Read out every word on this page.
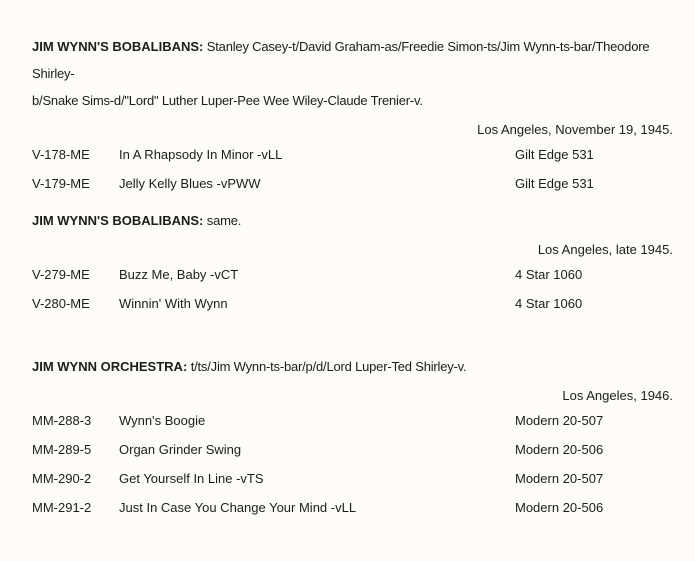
JIM WYNN'S BOBALIBANS: Stanley Casey-t/David Graham-as/Freedie Simon-ts/Jim Wynn-ts-bar/Theodore Shirley-
b/Snake Sims-d/"Lord" Luther Luper-Pee Wee Wiley-Claude Trenier-v.
Los Angeles, November 19, 1945.
V-178-ME In A Rhapsody In Minor -vLL	Gilt Edge 531
V-179-ME Jelly Kelly Blues -vPWW	Gilt Edge 531
JIM WYNN'S BOBALIBANS: same.
Los Angeles, late 1945.
V-279-ME Buzz Me, Baby -vCT	4 Star 1060
V-280-ME Winnin' With Wynn	4 Star 1060
JIM WYNN ORCHESTRA: t/ts/Jim Wynn-ts-bar/p/d/Lord Luper-Ted Shirley-v.
Los Angeles, 1946.
MM-288-3 Wynn's Boogie	Modern 20-507
MM-289-5 Organ Grinder Swing	Modern 20-506
MM-290-2 Get Yourself In Line -vTS	Modern 20-507
MM-291-2 Just In Case You Change Your Mind -vLL	Modern 20-506
